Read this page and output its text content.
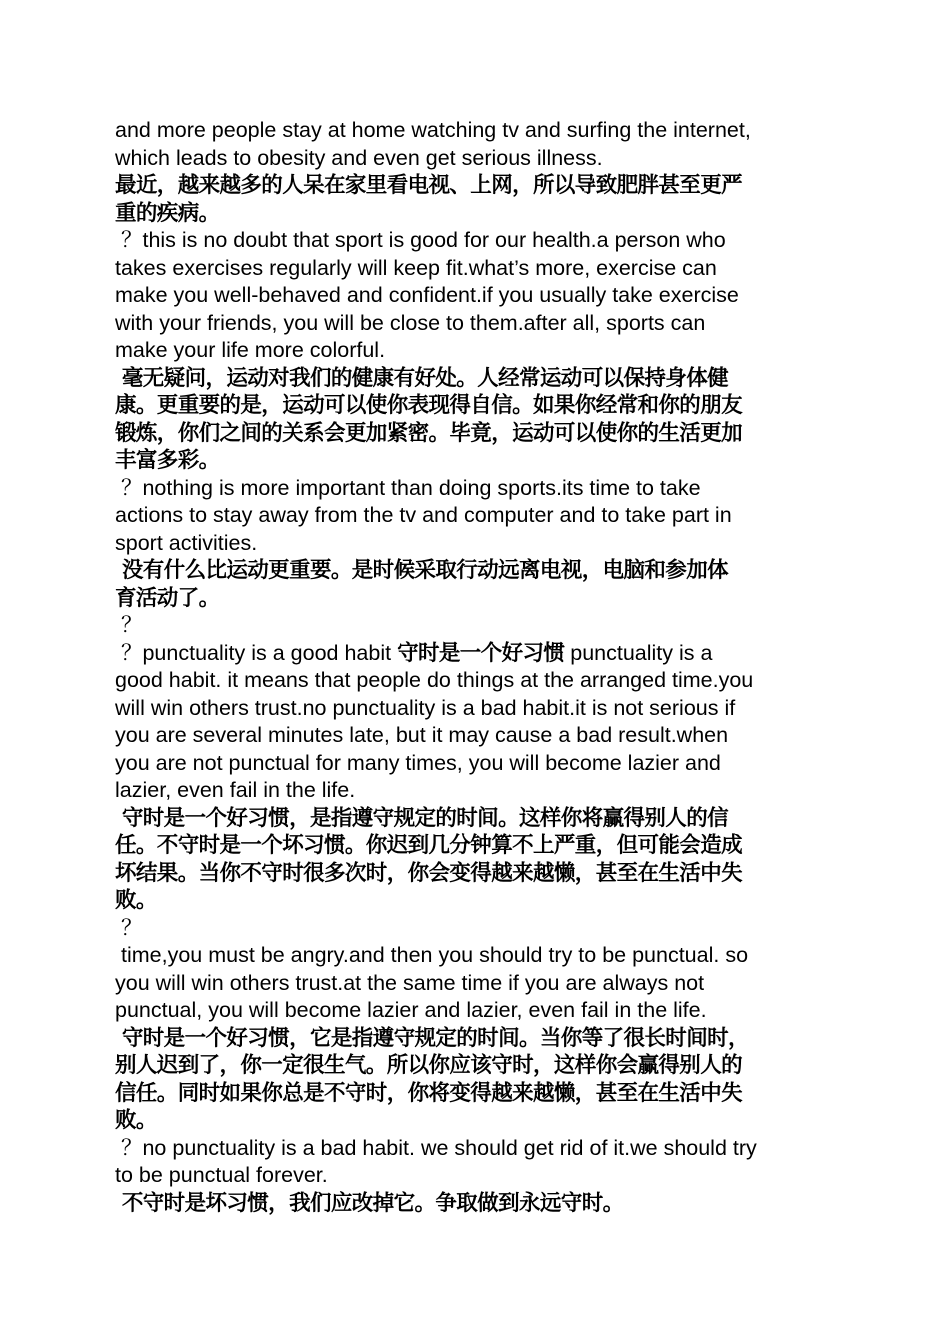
and more people stay at home watching tv and surfing the internet,
which leads to obesity and even get serious illness.
最近，越来越多的人呆在家里看电视、上网，所以导致肥胖甚至更严
重的疾病。
？this is no doubt that sport is good for our health.a person who
takes exercises regularly will keep fit.what’s more, exercise can
make you well-behaved and confident.if you usually take exercise
with your friends, you will be close to them.after all, sports can
make your life more colorful.
毫无疑问，运动对我们的健康有好处。人经常运动可以保持身体健
康。更重要的是，运动可以使你表现得自信。如果你经常和你的朋友
锻炼，你们之间的关系会更加紧密。毕竟，运动可以使你的生活更加
丰富多彩。
？nothing is more important than doing sports.its time to take
actions to stay away from the tv and computer and to take part in
sport activities.
没有什么比运动更重要。是时候采取行动远离电视，电脑和参加体
育活动了。
？
？punctuality is a good habit 守时是一个好习惯 punctuality is a
good habit. it means that people do things at the arranged time.you
will win others trust.no punctuality is a bad habit.it is not serious if
you are several minutes late, but it may cause a bad result.when
you are not punctual for many times, you will become lazier and
lazier, even fail in the life.
守时是一个好习惯，是指遵守规定的时间。这样你将赢得别人的信
任。不守时是一个坏习惯。你迟到几分钟算不上严重，但可能会造成
坏结果。当你不守时很多次时，你会变得越来越懒，甚至在生活中失
败。
？
time,you must be angry.and then you should try to be punctual. so
you will win others trust.at the same time if you are always not
punctual, you will become lazier and lazier, even fail in the life.
守时是一个好习惯，它是指遵守规定的时间。当你等了很长时间时，
别人迟到了，你一定很生气。所以你应该守时，这样你会赢得别人的
信任。同时如果你总是不守时，你将变得越来越懒，甚至在生活中失
败。
？no punctuality is a bad habit. we should get rid of it.we should try
to be punctual forever.
不守时是坏习惯，我们应改掉它。争取做到永远守时。
